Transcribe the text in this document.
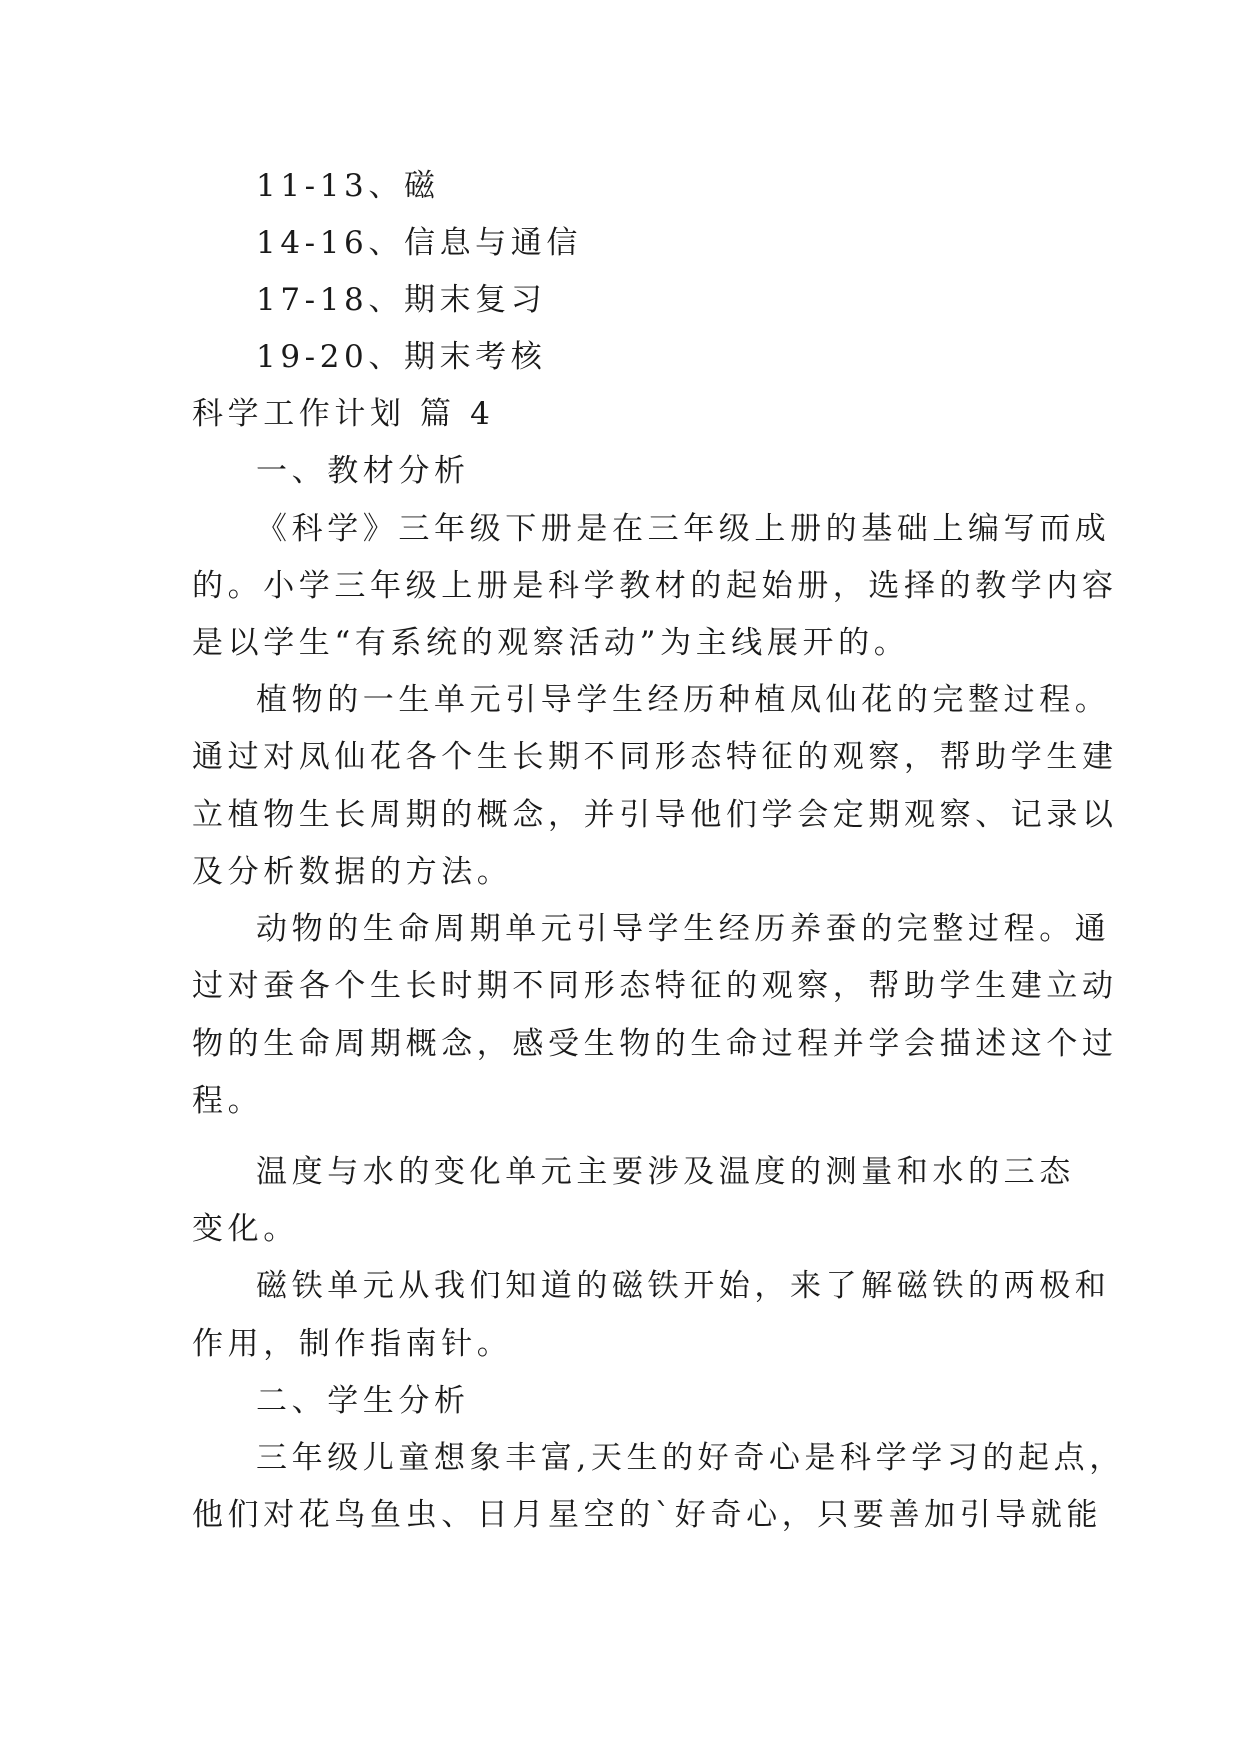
11-13、磁
14-16、信息与通信
17-18、期末复习
19-20、期末考核
科学工作计划 篇 4
一、教材分析
《科学》三年级下册是在三年级上册的基础上编写而成
的。小学三年级上册是科学教材的起始册，选择的教学内容
是以学生“有系统的观察活动”为主线展开的。
植物的一生单元引导学生经历种植凤仙花的完整过程。
通过对凤仙花各个生长期不同形态特征的观察，帮助学生建
立植物生长周期的概念，并引导他们学会定期观察、记录以
及分析数据的方法。
动物的生命周期单元引导学生经历养蚕的完整过程。通
过对蚕各个生长时期不同形态特征的观察，帮助学生建立动
物的生命周期概念，感受生物的生命过程并学会描述这个过
程。
温度与水的变化单元主要涉及温度的测量和水的三态
变化。
磁铁单元从我们知道的磁铁开始，来了解磁铁的两极和
作用，制作指南针。
二、学生分析
三年级儿童想象丰富,天生的好奇心是科学学习的起点，
他们对花鸟鱼虫、日月星空的`好奇心，只要善加引导就能
